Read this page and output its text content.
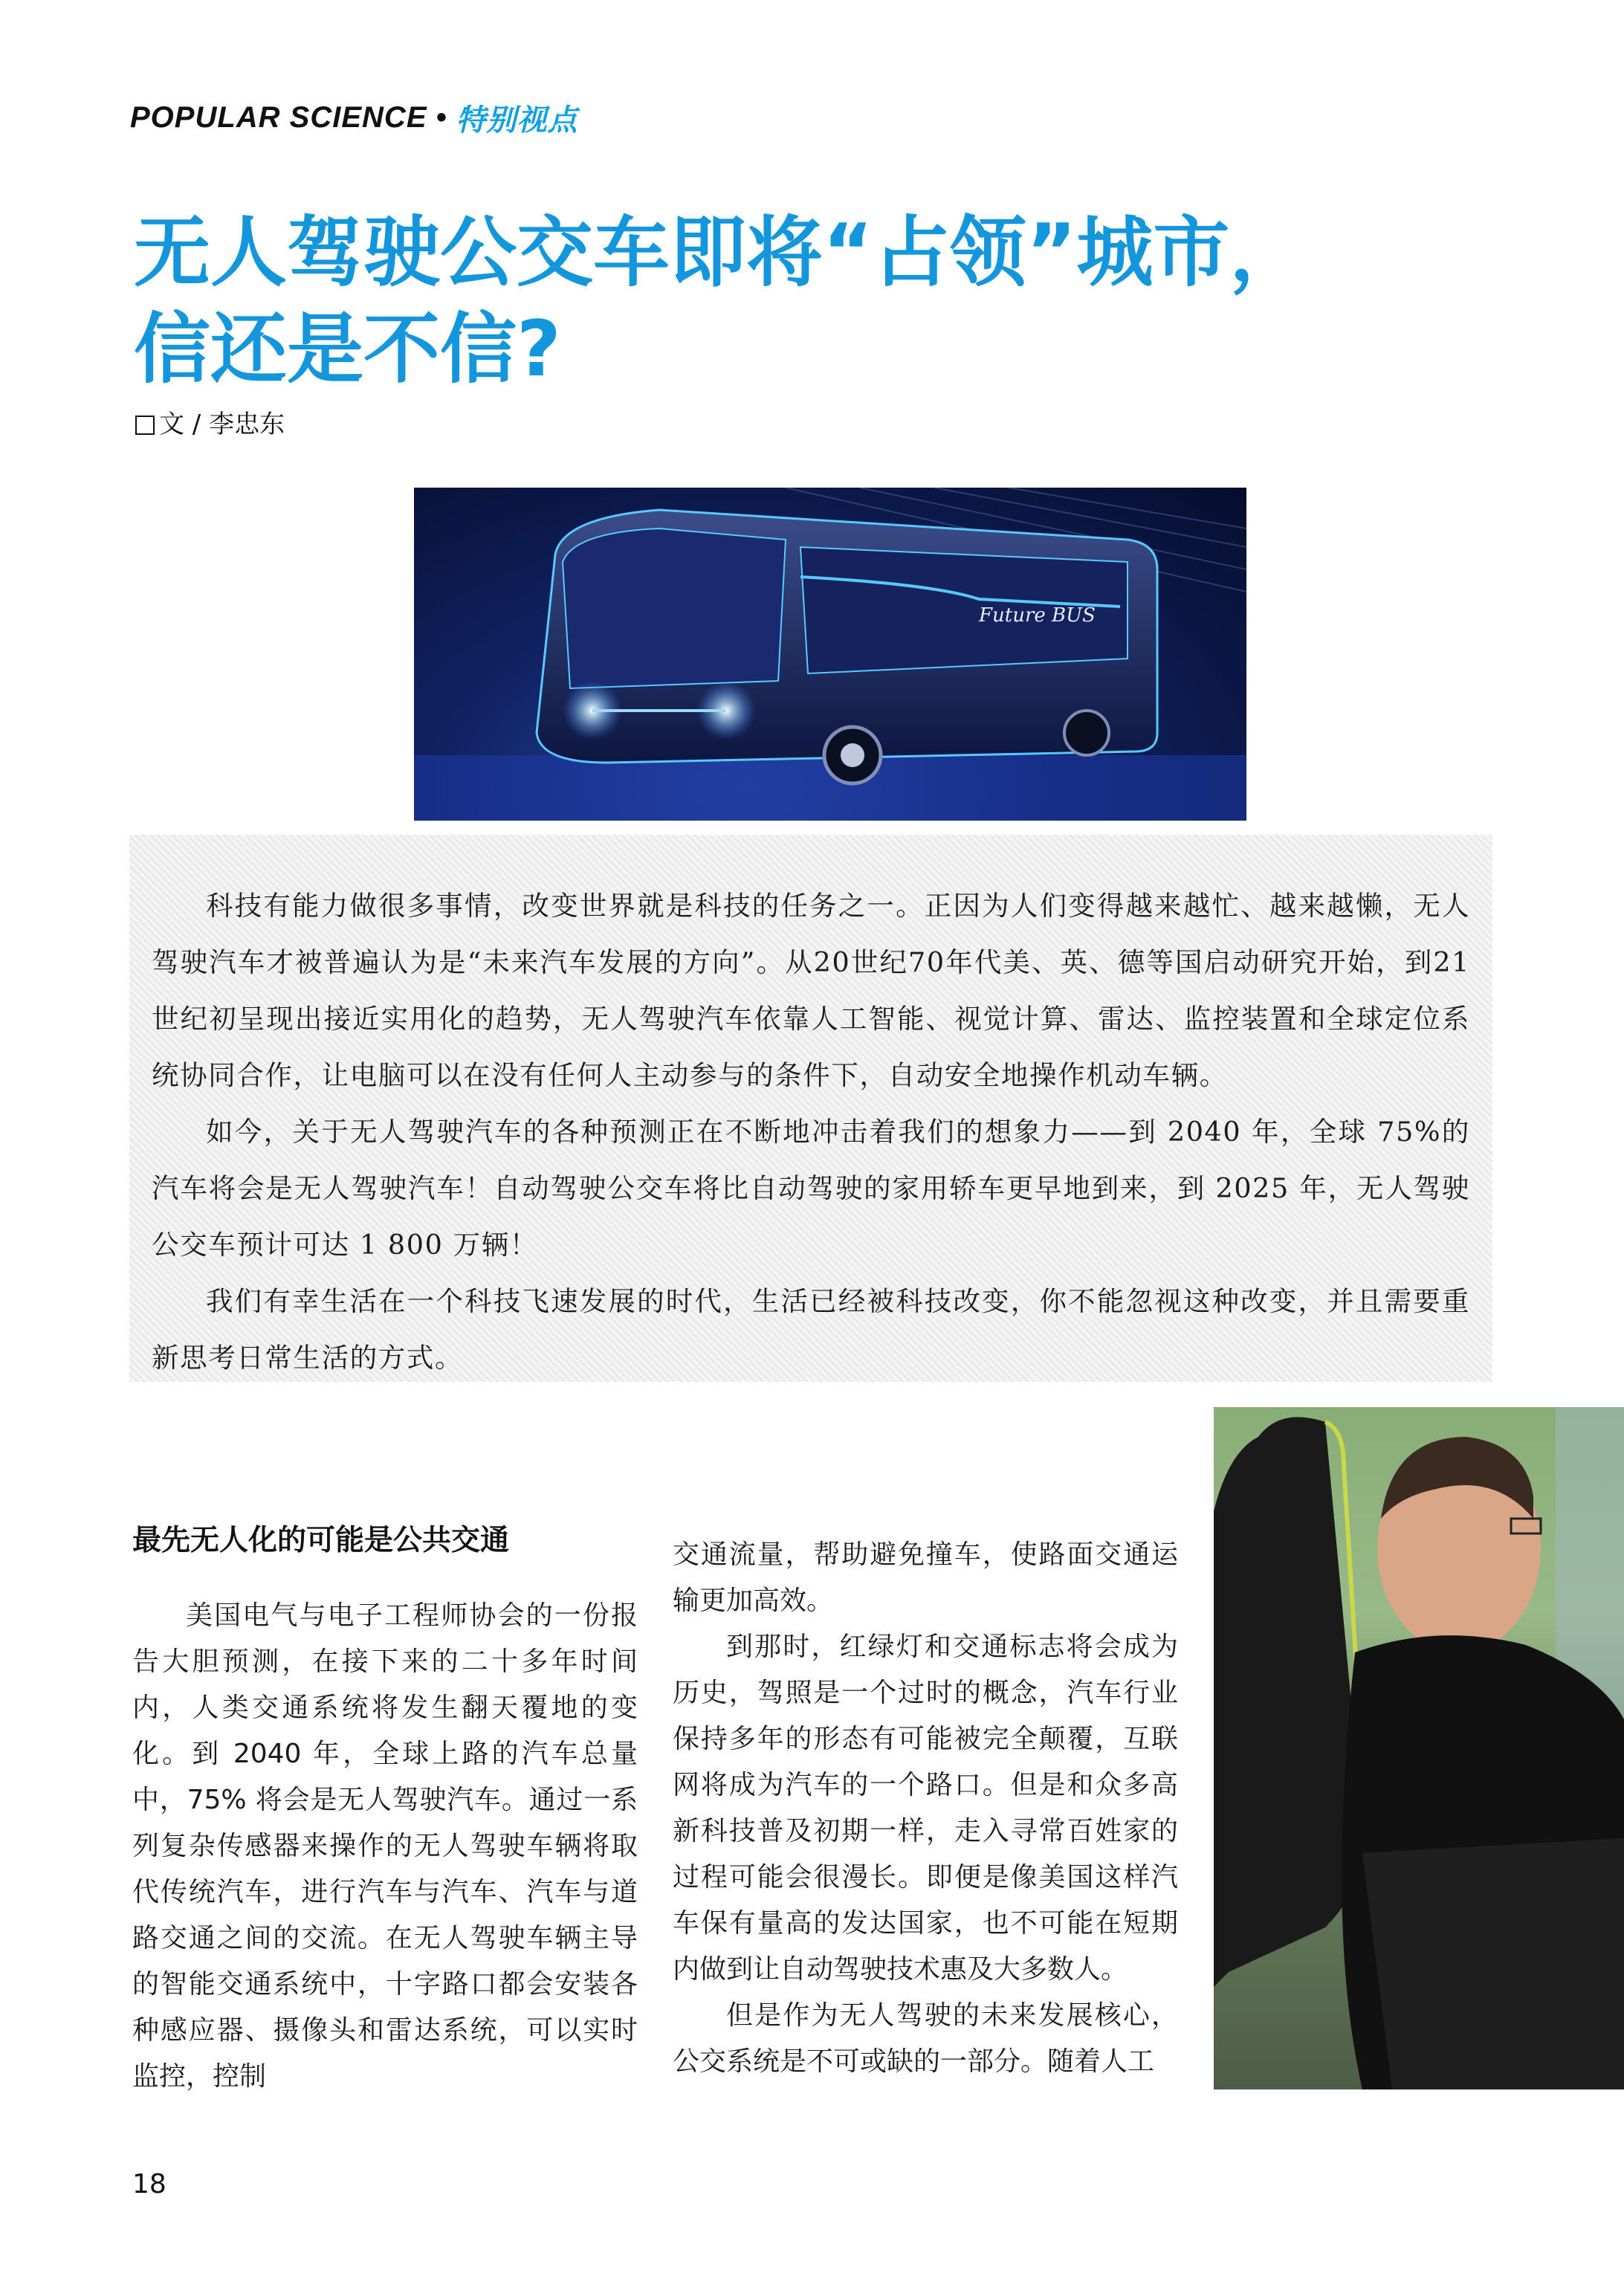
POPULAR SCIENCE • 特别视点
无人驾驶公交车即将“占领”城市，
信还是不信?
文 / 李忠东
Future BUS

科技有能力做很多事情，改变世界就是科技的任务之一。正因为人们变得越来越忙、越来越懒，无人驾驶汽车才被普遍认为是“未来汽车发展的方向”。从20世纪70年代美、英、德等国启动研究开始，到21世纪初呈现出接近实用化的趋势，无人驾驶汽车依靠人工智能、视觉计算、雷达、监控装置和全球定位系统协同合作，让电脑可以在没有任何人主动参与的条件下，自动安全地操作机动车辆。

如今，关于无人驾驶汽车的各种预测正在不断地冲击着我们的想象力——到 2040 年，全球 75%的汽车将会是无人驾驶汽车！自动驾驶公交车将比自动驾驶的家用轿车更早地到来，到 2025 年，无人驾驶公交车预计可达 1 800 万辆！

我们有幸生活在一个科技飞速发展的时代，生活已经被科技改变，你不能忽视这种改变，并且需要重新思考日常生活的方式。

最先无人化的可能是公共交通

美国电气与电子工程师协会的一份报告大胆预测，在接下来的二十多年时间内，人类交通系统将发生翻天覆地的变化。到 2040 年，全球上路的汽车总量中，75% 将会是无人驾驶汽车。通过一系列复杂传感器来操作的无人驾驶车辆将取代传统汽车，进行汽车与汽车、汽车与道路交通之间的交流。在无人驾驶车辆主导的智能交通系统中，十字路口都会安装各种感应器、摄像头和雷达系统，可以实时监控，控制

交通流量，帮助避免撞车，使路面交通运输更加高效。

到那时，红绿灯和交通标志将会成为历史，驾照是一个过时的概念，汽车行业保持多年的形态有可能被完全颠覆，互联网将成为汽车的一个路口。但是和众多高新科技普及初期一样，走入寻常百姓家的过程可能会很漫长。即便是像美国这样汽车保有量高的发达国家，也不可能在短期内做到让自动驾驶技术惠及大多数人。

但是作为无人驾驶的未来发展核心，公交系统是不可或缺的一部分。随着人工

18
